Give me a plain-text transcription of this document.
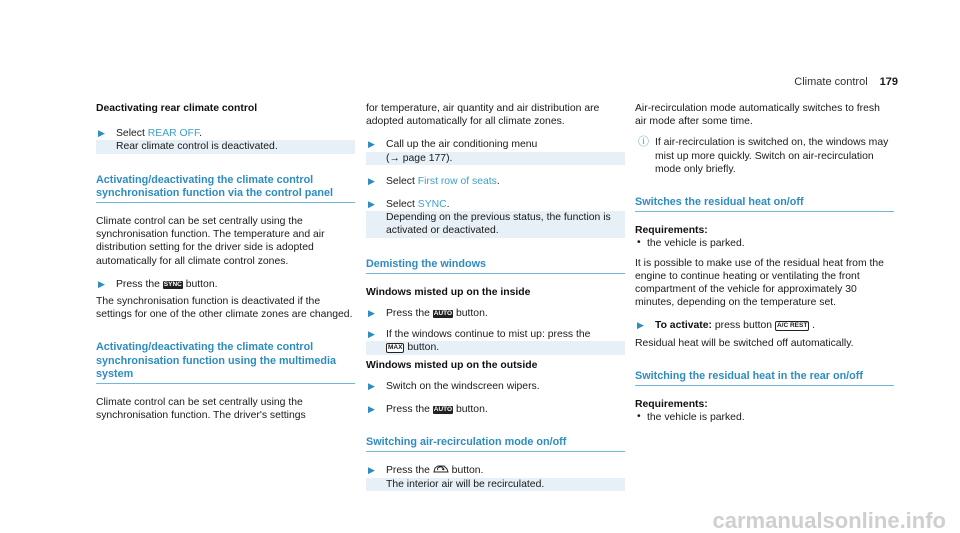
Climate control 179

Deactivating rear climate control

▶ Select REAR OFF.
Rear climate control is deactivated.
Activating/deactivating the climate control synchronisation function via the control panel

Climate control can be set centrally using the synchronisation function. The temperature and air distribution setting for the driver side is adopted automatically for all climate control zones.

▶ Press the SYNC button.

The synchronisation function is deactivated if the settings for one of the other climate zones are changed.

Activating/deactivating the climate control synchronisation function using the multimedia system

Climate control can be set centrally using the synchronisation function. The driver's settings

for temperature, air quantity and air distribution are adopted automatically for all climate zones.

▶ Call up the air conditioning menu
(→ page 177).
▶ Select First row of seats.
▶ Select SYNC.
Depending on the previous status, the function is activated or deactivated.
Demisting the windows

Windows misted up on the inside

▶ Press the AUTO button.
▶ If the windows continue to mist up: press the
MAX button.

Windows misted up on the outside

▶ Switch on the windscreen wipers.
▶ Press the AUTO button.
Switching air-recirculation mode on/off
▶ Press the  button.
The interior air will be recirculated.

Air-recirculation mode automatically switches to fresh air mode after some time.

ⓘ If air-recirculation is switched on, the windows may mist up more quickly. Switch on air-recirculation mode only briefly.
Switches the residual heat on/off

Requirements:

• the vehicle is parked.

It is possible to make use of the residual heat from the engine to continue heating or ventilating the front compartment of the vehicle for approximately 30 minutes, depending on the temperature set.

▶ To activate: press button A/C REST .

Residual heat will be switched off automatically.

Switching the residual heat in the rear on/off

Requirements:

• the vehicle is parked.
carmanualsonline.info
